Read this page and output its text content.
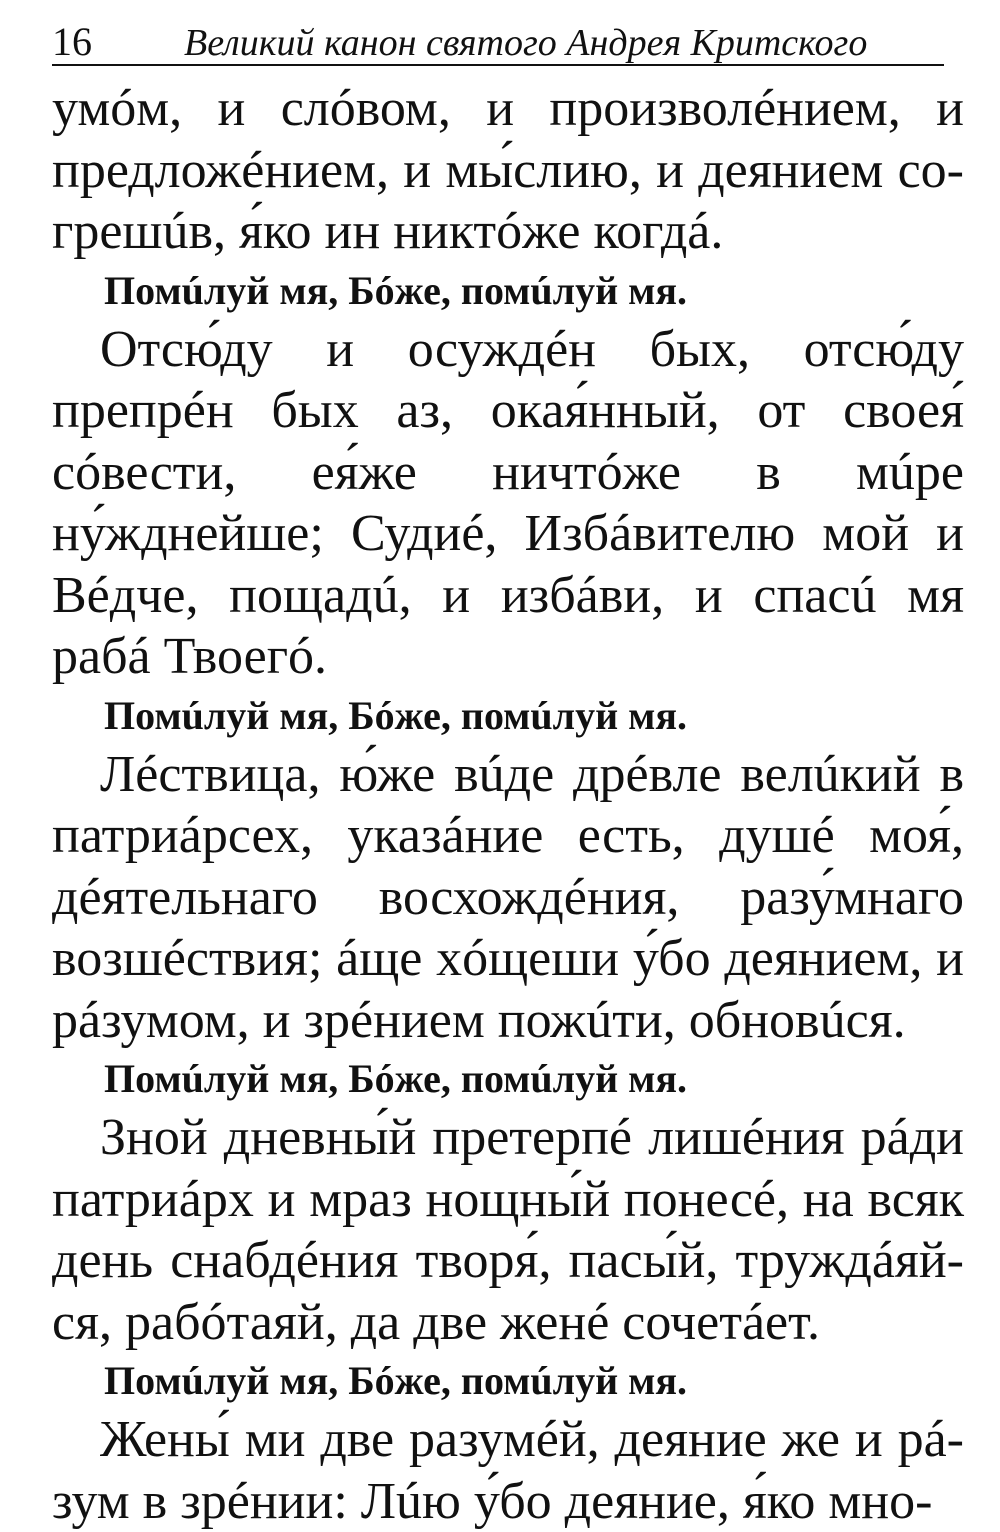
16	Великий канон святого Андрея Критского

умóм, и слóвом, и произволéнием, и предложéнием, и мы́слию, и деянием согрешúв, я́ко ин никтóже когдá.

Помúлуй мя, Бóже, помúлуй мя.

Отсю́ду и осуждéн бых, отсю́ду препрéн бых аз, окая́нный, от своея́ сóвести, ея́же ничтóже в мúре ну́жднейше; Судиé, Избáвителю мой и Вéдче, пощадú, и избáви, и спасú мя рабá Твоегó.

Помúлуй мя, Бóже, помúлуй мя.

Лéствица, ю́же вúде дрéвле велúкий в патриáрсех, указáние есть, душé моя́, дéятельнаго восхождéния, разу́мнаго возшéствия; áще хóщеши у́бо деянием, и рáзумом, и зрéнием пожúти, обновúся.

Помúлуй мя, Бóже, помúлуй мя.

Зной дневны́й претерпé лишéния рáди патриáрх и мраз нощны́й понесé, на всяк день снабдéния творя́, пасы́й, труждáяйся, рабóтаяй, да две женé сочетáет.

Помúлуй мя, Бóже, помúлуй мя.

Жены́ ми две разумéй, деяние же и рáзум в зрéнии: Лúю у́бо деяние, я́ко мно-
